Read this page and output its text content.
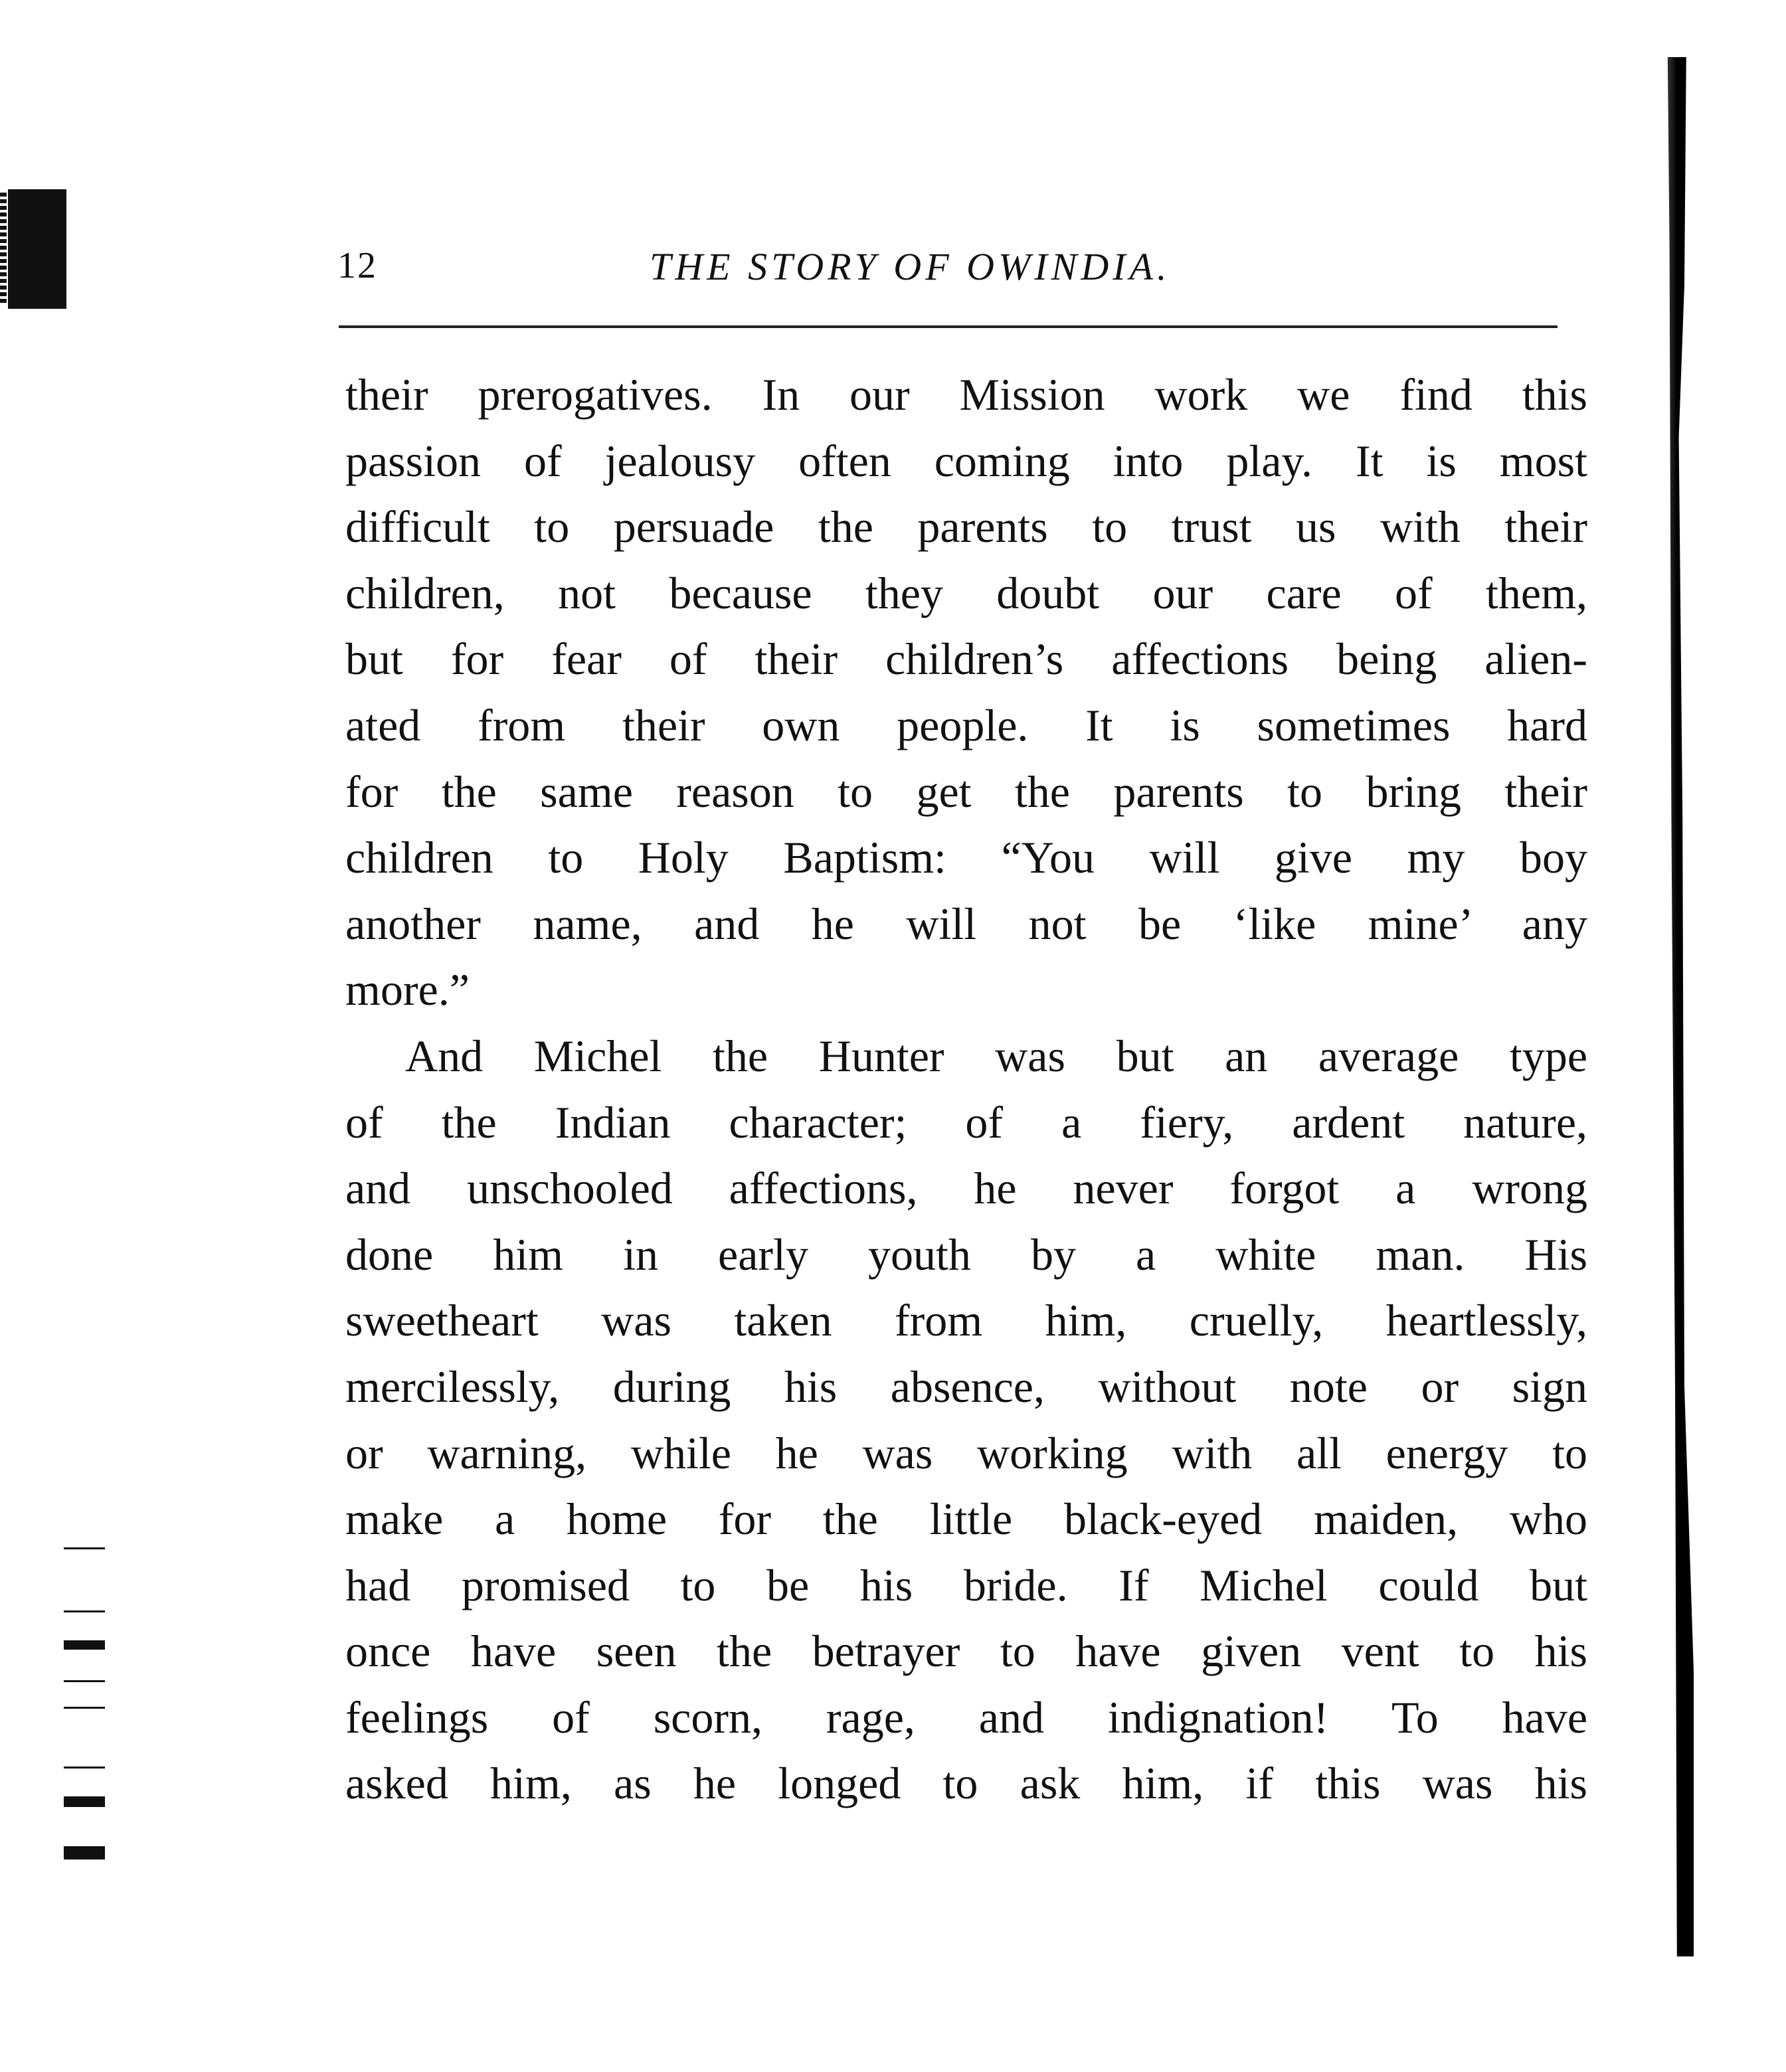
12	THE STORY OF OWINDIA.
their prerogatives. In our Mission work we find this
passion of jealousy often coming into play. It is most
difficult to persuade the parents to trust us with their
children, not because they doubt our care of them,
but for fear of their children’s affections being alien-
ated from their own people. It is sometimes hard
for the same reason to get the parents to bring their
children to Holy Baptism: “You will give my boy
another name, and he will not be ‘like mine’ any
more.”
And Michel the Hunter was but an average type
of the Indian character; of a fiery, ardent nature,
and unschooled affections, he never forgot a wrong
done him in early youth by a white man. His
sweetheart was taken from him, cruelly, heartlessly,
mercilessly, during his absence, without note or sign
or warning, while he was working with all energy to
make a home for the little black-eyed maiden, who
had promised to be his bride. If Michel could but
once have seen the betrayer to have given vent to his
feelings of scorn, rage, and indignation! To have
asked him, as he longed to ask him, if this was his
